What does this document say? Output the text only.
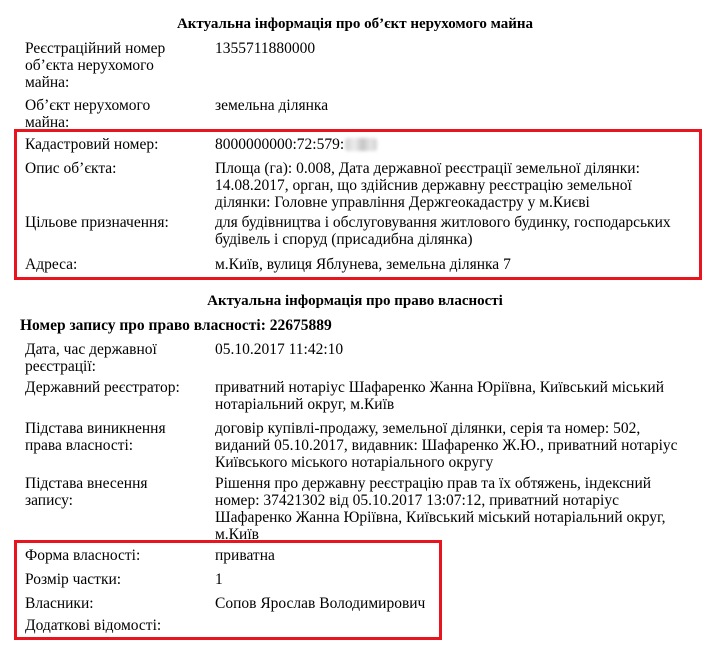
Актуальна інформація про об’єкт нерухомого майна
Реєстраційний номер
об’єкта нерухомого
майна:
1355711880000
Об’єкт нерухомого
майна:
земельна ділянка
Кадастровий номер:	8000000000:72:579:
Опис об’єкта:	Площа (га): 0.008, Дата державної реєстрації земельної ділянки:
14.08.2017, орган, що здійснив державну реєстрацію земельної
ділянки: Головне управління Держгеокадастру у м.Києві
Цільове призначення:	для будівництва і обслуговування житлового будинку, господарських
будівель і споруд (присадибна ділянка)
Адреса:	м.Київ, вулиця Яблунева, земельна ділянка 7
Актуальна інформація про право власності
Номер запису про право власності: 22675889
Дата, час державної
реєстрації:
05.10.2017 11:42:10
Державний реєстратор:	приватний нотаріус Шафаренко Жанна Юріївна, Київський міський
нотаріальний округ, м.Київ
Підстава виникнення
права власності:
договір купівлі-продажу, земельної ділянки, серія та номер: 502,
виданий 05.10.2017, видавник: Шафаренко Ж.Ю., приватний нотаріус
Київського міського нотаріального округу
Підстава внесення
запису:
Рішення про державну реєстрацію прав та їх обтяжень, індексний
номер: 37421302 від 05.10.2017 13:07:12, приватний нотаріус
Шафаренко Жанна Юріївна, Київський міський нотаріальний округ,
м.Київ
Форма власності:	приватна
Розмір частки:	1
Власники:	Сопов Ярослав Володимирович
Додаткові відомості:
